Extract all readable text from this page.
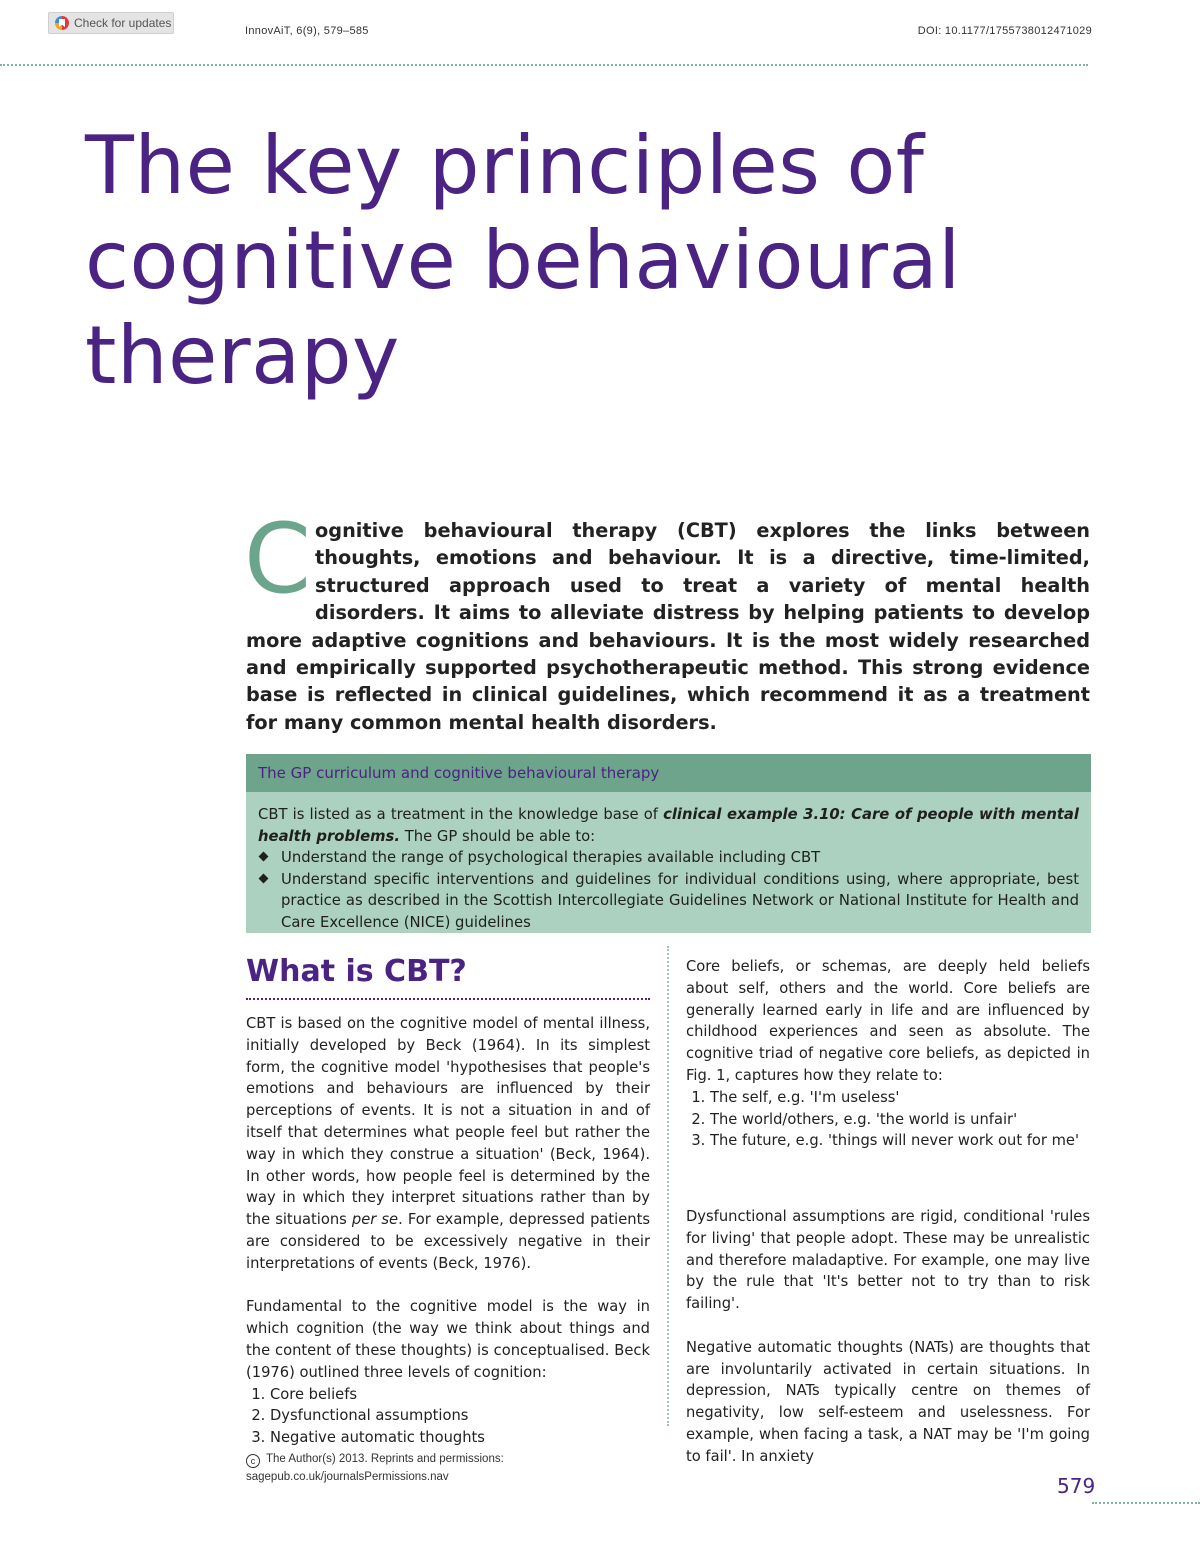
Check for updates
InnovAiT, 6(9), 579–585	DOI: 10.1177/1755738012471029
The key principles of
cognitive behavioural
therapy
Cognitive behavioural therapy (CBT) explores the links between thoughts, emotions and behaviour. It is a directive, time-limited, structured approach used to treat a variety of mental health disorders. It aims to alleviate distress by helping patients to develop more adaptive cognitions and behaviours. It is the most widely researched and empirically supported psychotherapeutic method. This strong evidence base is reflected in clinical guidelines, which recommend it as a treatment for many common mental health disorders.
The GP curriculum and cognitive behavioural therapy
CBT is listed as a treatment in the knowledge base of clinical example 3.10: Care of people with mental health problems. The GP should be able to:
Understand the range of psychological therapies available including CBT
Understand specific interventions and guidelines for individual conditions using, where appropriate, best practice as described in the Scottish Intercollegiate Guidelines Network or National Institute for Health and Care Excellence (NICE) guidelines
What is CBT?

CBT is based on the cognitive model of mental illness, initially developed by Beck (1964). In its simplest form, the cognitive model 'hypothesises that people's emotions and behaviours are influenced by their perceptions of events. It is not a situation in and of itself that determines what people feel but rather the way in which they construe a situation' (Beck, 1964). In other words, how people feel is determined by the way in which they interpret situations rather than by the situations per se. For example, depressed patients are considered to be excessively negative in their interpretations of events (Beck, 1976).

Fundamental to the cognitive model is the way in which cognition (the way we think about things and the content of these thoughts) is conceptualised. Beck (1976) outlined three levels of cognition:

1. Core beliefs
2. Dysfunctional assumptions
3. Negative automatic thoughts

Core beliefs, or schemas, are deeply held beliefs about self, others and the world. Core beliefs are generally learned early in life and are influenced by childhood experiences and seen as absolute. The cognitive triad of negative core beliefs, as depicted in Fig. 1, captures how they relate to:

1. The self, e.g. 'I'm useless'
2. The world/others, e.g. 'the world is unfair'
3. The future, e.g. 'things will never work out for me'

Dysfunctional assumptions are rigid, conditional 'rules for living' that people adopt. These may be unrealistic and therefore maladaptive. For example, one may live by the rule that 'It's better not to try than to risk failing'.

Negative automatic thoughts (NATs) are thoughts that are involuntarily activated in certain situations. In depression, NATs typically centre on themes of negativity, low self-esteem and uselessness. For example, when facing a task, a NAT may be 'I'm going to fail'. In anxiety

c The Author(s) 2013. Reprints and permissions:
sagepub.co.uk/journalsPermissions.nav	579
